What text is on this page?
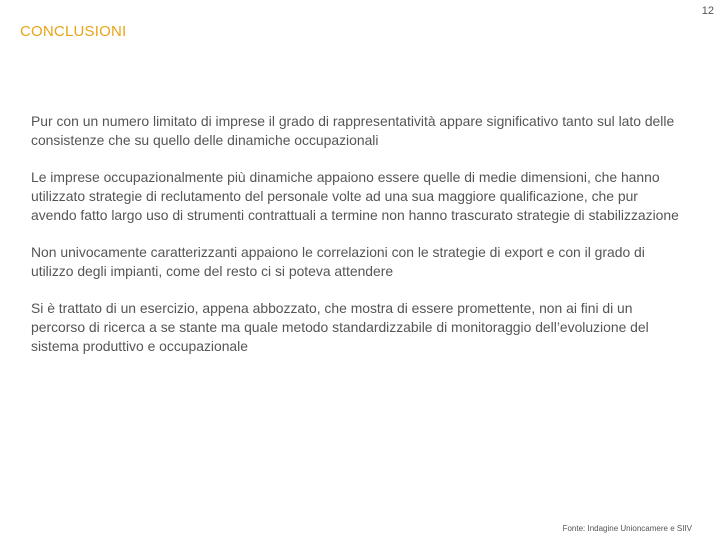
12
CONCLUSIONI

Pur con un numero limitato di imprese il grado di rappresentatività appare significativo tanto sul lato delle consistenze che su quello delle dinamiche occupazionali

Le imprese occupazionalmente più dinamiche appaiono essere quelle di medie dimensioni, che hanno utilizzato strategie di reclutamento del personale volte ad una sua maggiore qualificazione, che pur avendo fatto largo uso di strumenti contrattuali a termine non hanno trascurato strategie di stabilizzazione

Non univocamente caratterizzanti appaiono le correlazioni con le strategie di export e con il grado di utilizzo degli impianti, come del resto ci si poteva attendere

Si è trattato di un esercizio, appena abbozzato, che mostra di essere promettente, non ai fini di un percorso di ricerca a se stante ma quale metodo standardizzabile di monitoraggio dell’evoluzione del sistema produttivo e occupazionale

Fonte: Indagine Unioncamere e SIIV
